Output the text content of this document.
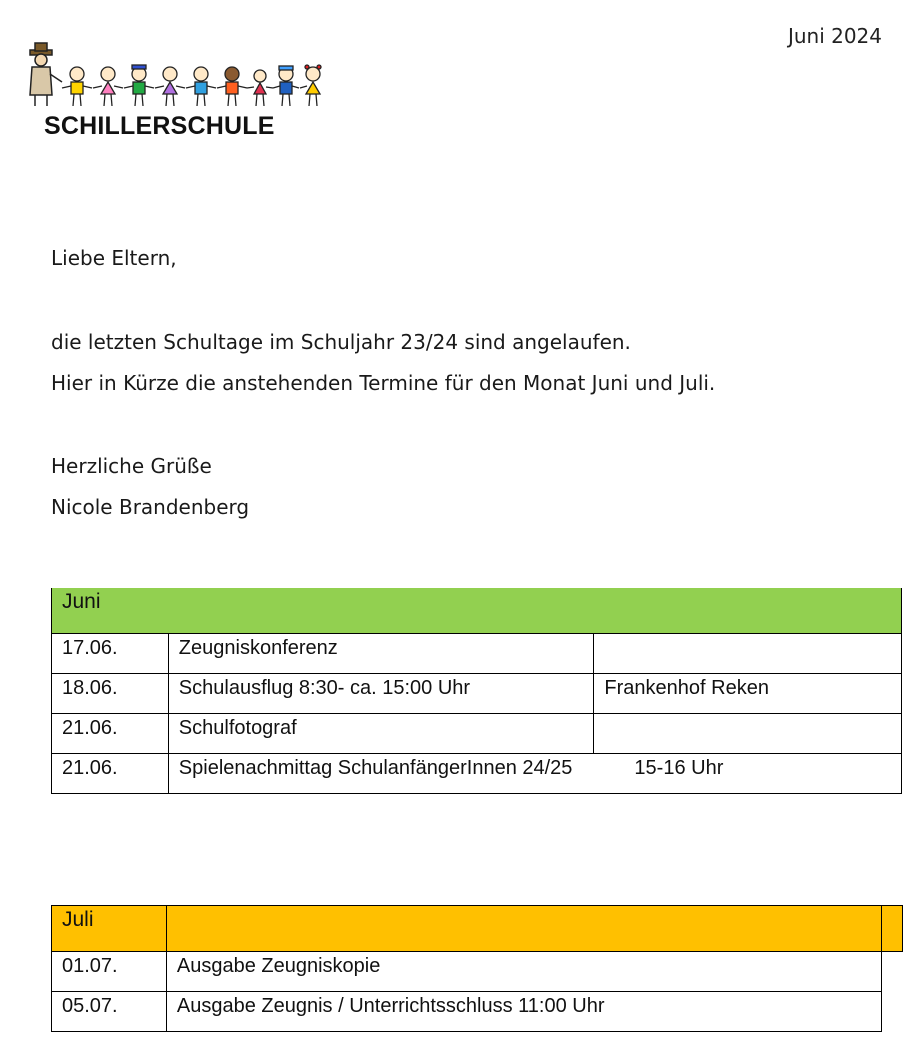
Juni 2024
SCHILLERSCHULE
Liebe Eltern,
die letzten Schultage im Schuljahr 23/24 sind angelaufen.
Hier in Kürze die anstehenden Termine für den Monat Juni und Juli.
Herzliche Grüße
Nicole Brandenberg
Juni		
17.06.	Zeugniskonferenz	
18.06.	Schulausflug 8:30- ca. 15:00 Uhr	Frankenhof Reken
21.06.	Schulfotograf	
21.06.	Spielenachmittag SchulanfängerInnen 24/25 15-16 Uhr	
Juli		
01.07.	Ausgabe Zeugniskopie	
05.07.	Ausgabe Zeugnis / Unterrichtsschluss 11:00 Uhr	
